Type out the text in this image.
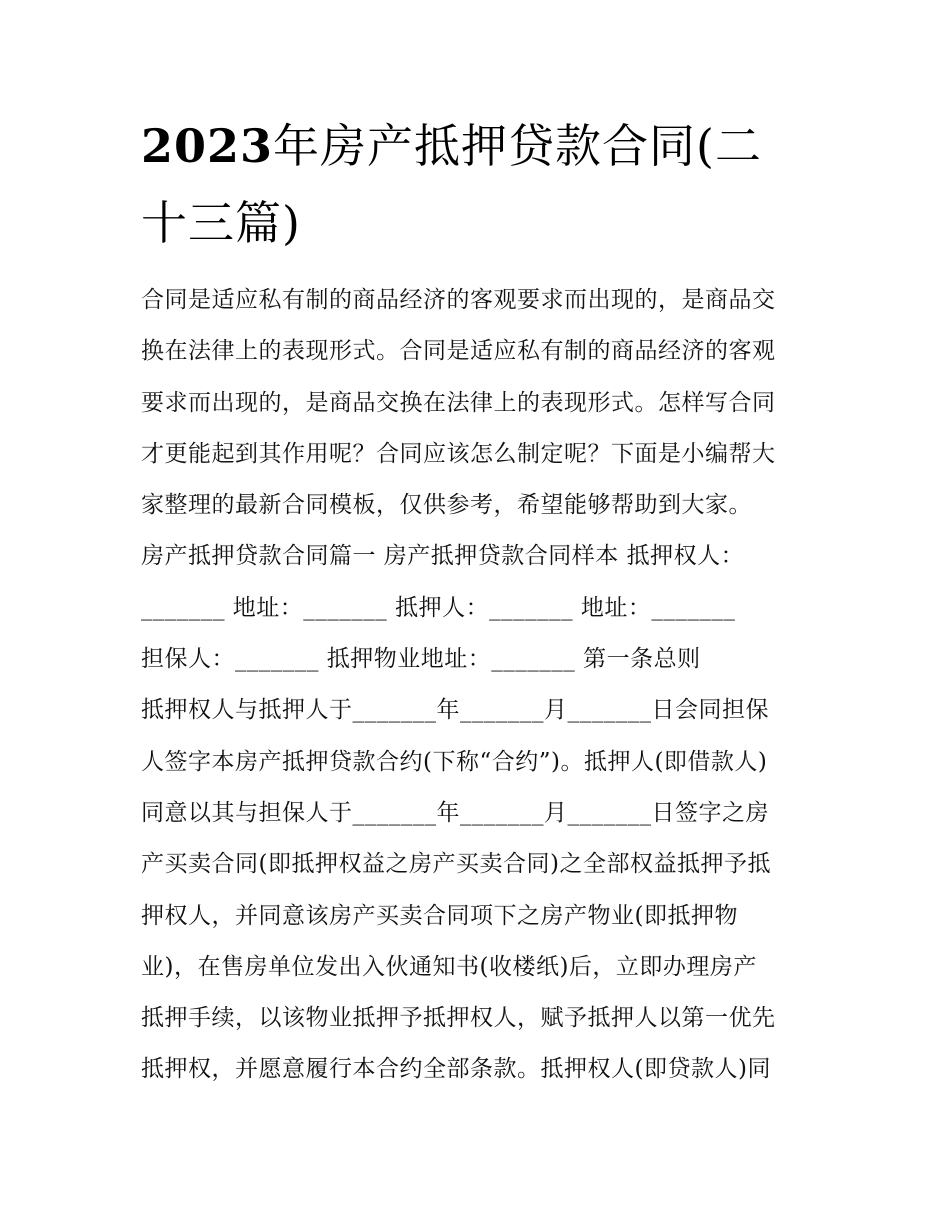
2023年房产抵押贷款合同(二
十三篇)
合同是适应私有制的商品经济的客观要求而出现的，是商品交
换在法律上的表现形式。合同是适应私有制的商品经济的客观
要求而出现的，是商品交换在法律上的表现形式。怎样写合同
才更能起到其作用呢？合同应该怎么制定呢？下面是小编帮大
家整理的最新合同模板，仅供参考，希望能够帮助到大家。
房产抵押贷款合同篇一 房产抵押贷款合同样本 抵押权人：
_______ 地址：_______ 抵押人：_______ 地址：_______
担保人：_______ 抵押物业地址：_______ 第一条总则
抵押权人与抵押人于_______年_______月_______日会同担保
人签字本房产抵押贷款合约(下称“合约”)。抵押人(即借款人)
同意以其与担保人于_______年_______月_______日签字之房
产买卖合同(即抵押权益之房产买卖合同)之全部权益抵押予抵
押权人，并同意该房产买卖合同项下之房产物业(即抵押物
业)，在售房单位发出入伙通知书(收楼纸)后，立即办理房产
抵押手续，以该物业抵押予抵押权人，赋予抵押人以第一优先
抵押权，并愿意履行本合约全部条款。抵押权人(即贷款人)同
